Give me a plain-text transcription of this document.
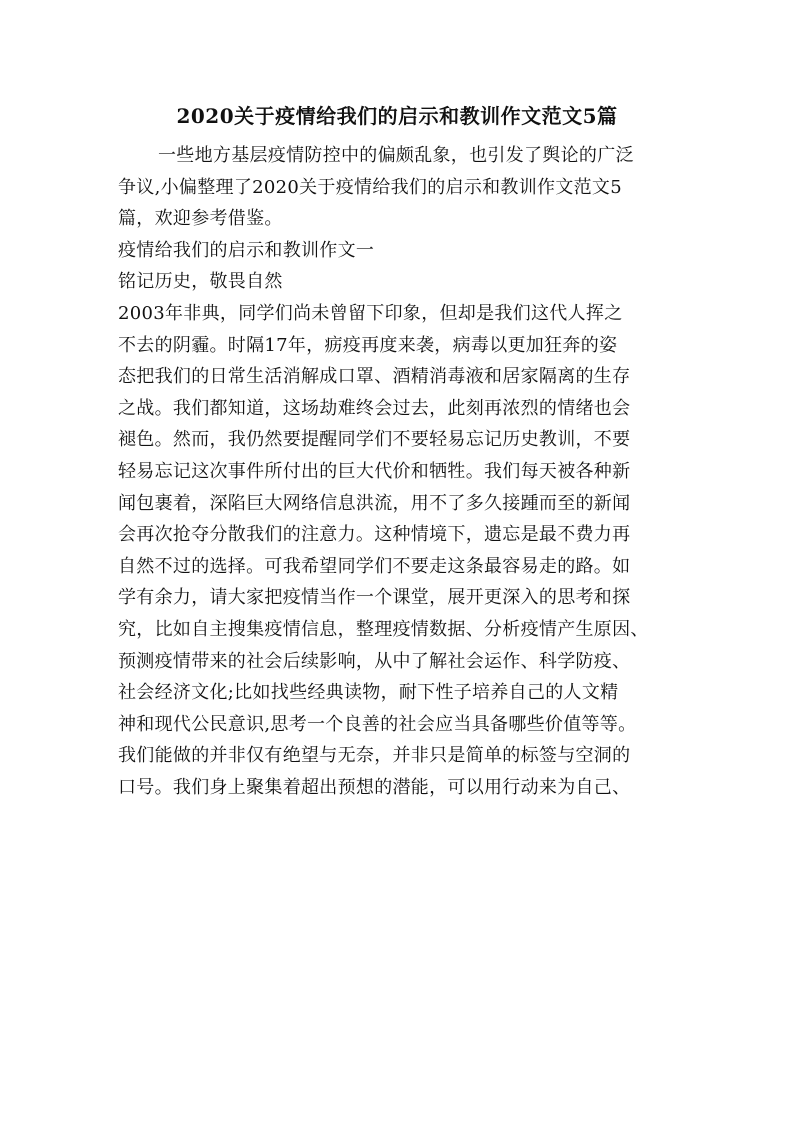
2020关于疫情给我们的启示和教训作文范文5篇
一些地方基层疫情防控中的偏颇乱象，也引发了舆论的广泛
争议,小偏整理了2020关于疫情给我们的启示和教训作文范文5
篇，欢迎参考借鉴。
疫情给我们的启示和教训作文一
铭记历史，敬畏自然
2003年非典，同学们尚未曾留下印象，但却是我们这代人挥之
不去的阴霾。时隔17年，疬疫再度来袭，病毒以更加狂奔的姿
态把我们的日常生活消解成口罩、酒精消毒液和居家隔离的生存
之战。我们都知道，这场劫难终会过去，此刻再浓烈的情绪也会
褪色。然而，我仍然要提醒同学们不要轻易忘记历史教训，不要
轻易忘记这次事件所付出的巨大代价和牺牲。我们每天被各种新
闻包裹着，深陷巨大网络信息洪流，用不了多久接踵而至的新闻
会再次抢夺分散我们的注意力。这种情境下，遗忘是最不费力再
自然不过的选择。可我希望同学们不要走这条最容易走的路。如
学有余力，请大家把疫情当作一个课堂，展开更深入的思考和探
究，比如自主搜集疫情信息，整理疫情数据、分析疫情产生原因、
预测疫情带来的社会后续影响，从中了解社会运作、科学防疫、
社会经济文化;比如找些经典读物，耐下性子培养自己的人文精
神和现代公民意识,思考一个良善的社会应当具备哪些价值等等。
我们能做的并非仅有绝望与无奈，并非只是简单的标签与空洞的
口号。我们身上聚集着超出预想的潜能，可以用行动来为自己、
